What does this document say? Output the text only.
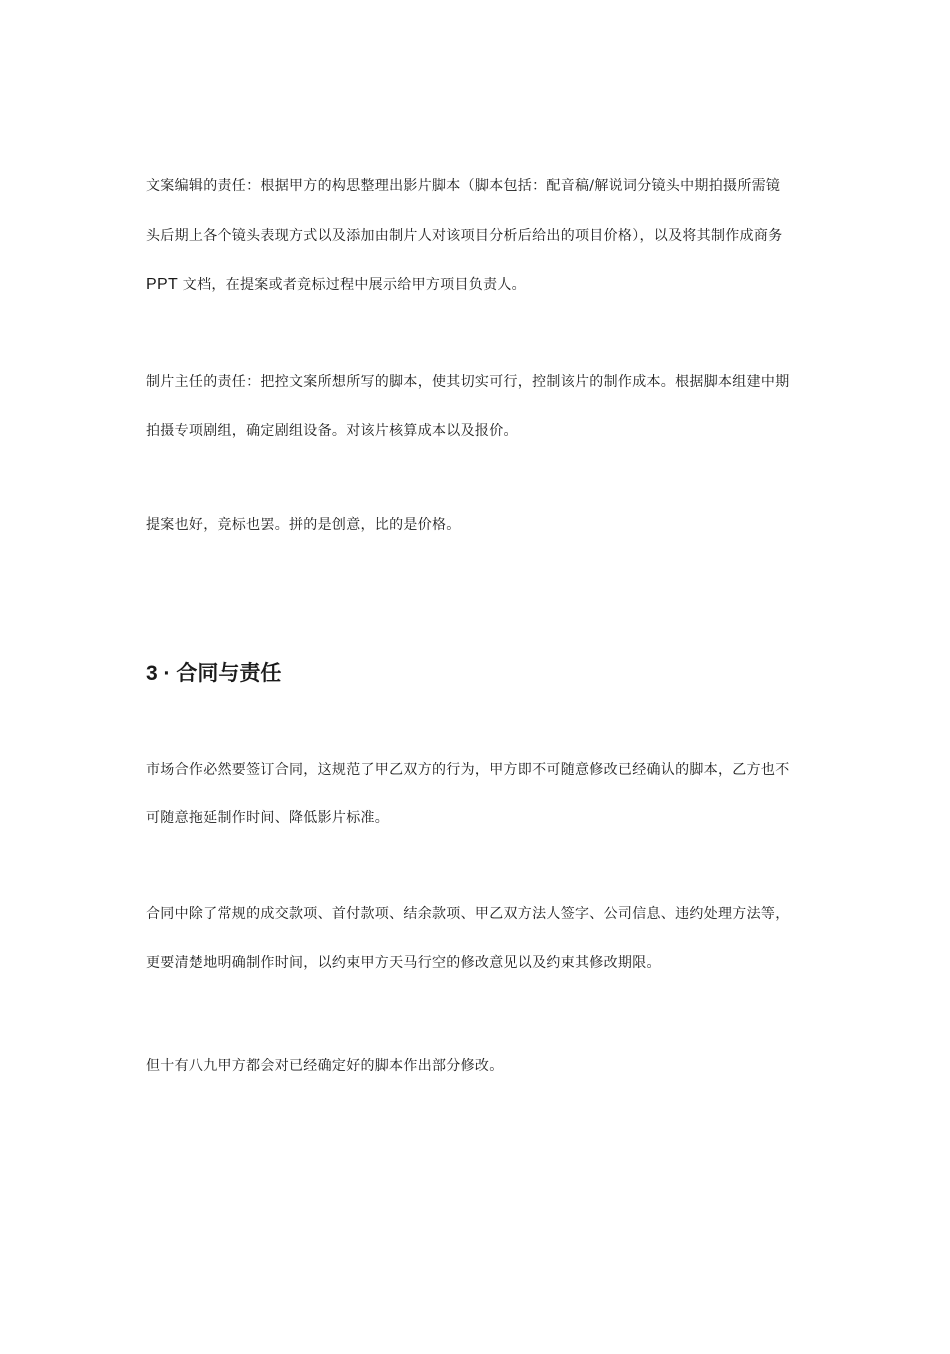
文案编辑的责任：根据甲方的构思整理出影片脚本（脚本包括：配音稿/解说词分镜头中期拍摄所需镜
头后期上各个镜头表现方式以及添加由制片人对该项目分析后给出的项目价格），以及将其制作成商务
PPT 文档，在提案或者竞标过程中展示给甲方项目负责人。
制片主任的责任：把控文案所想所写的脚本，使其切实可行，控制该片的制作成本。根据脚本组建中期
拍摄专项剧组，确定剧组设备。对该片核算成本以及报价。
提案也好，竞标也罢。拼的是创意，比的是价格。
3 · 合同与责任
市场合作必然要签订合同，这规范了甲乙双方的行为，甲方即不可随意修改已经确认的脚本，乙方也不
可随意拖延制作时间、降低影片标准。
合同中除了常规的成交款项、首付款项、结余款项、甲乙双方法人签字、公司信息、违约处理方法等，
更要清楚地明确制作时间，以约束甲方天马行空的修改意见以及约束其修改期限。
但十有八九甲方都会对已经确定好的脚本作出部分修改。
